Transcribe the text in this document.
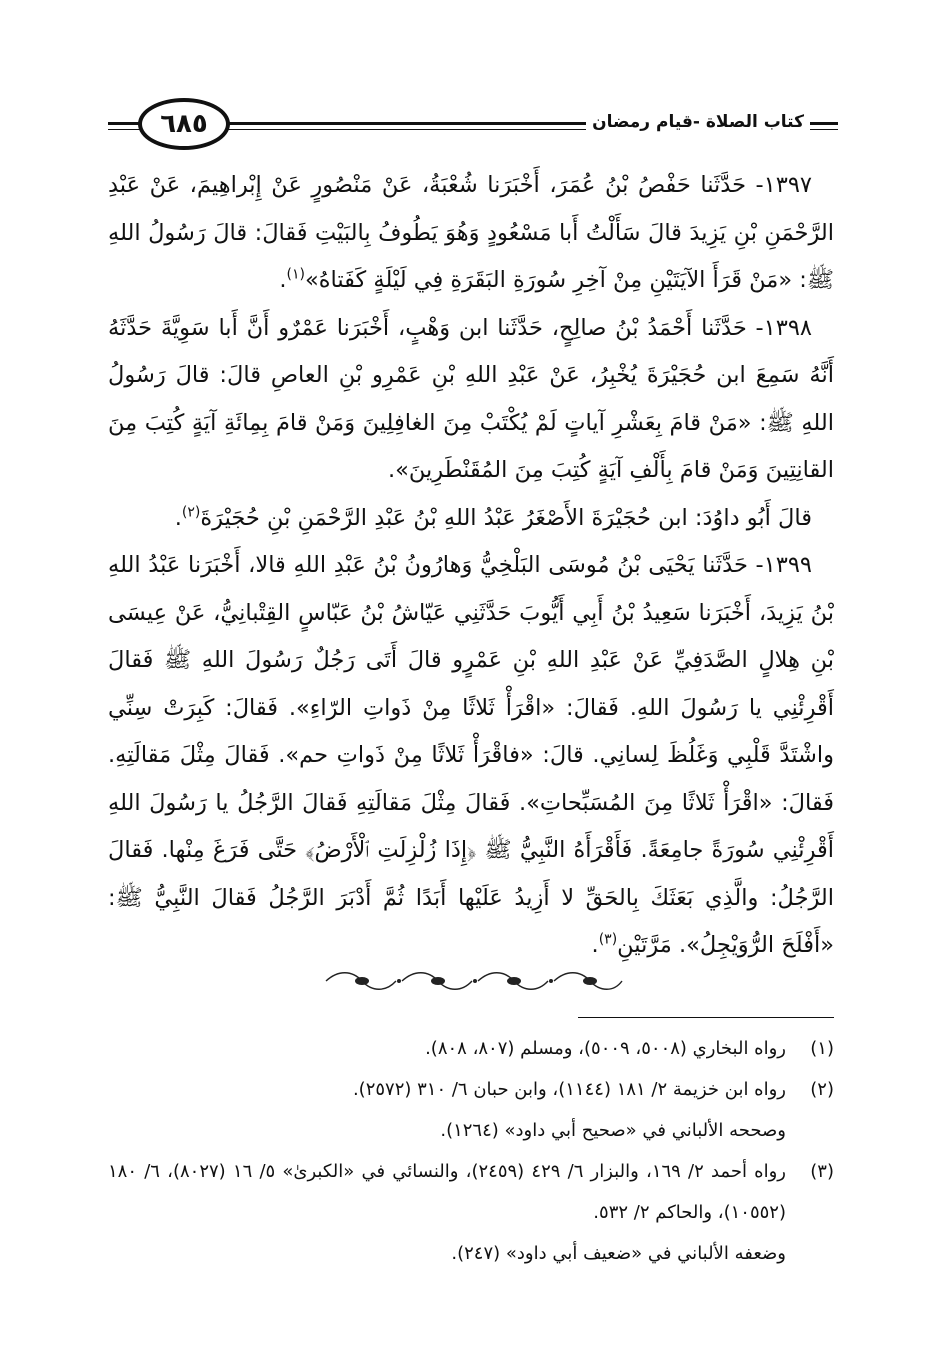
٦٨٥	كتاب الصلاة -قيام رمضان

١٣٩٧- حَدَّثَنا حَفْصُ بْنُ عُمَرَ، أَخْبَرَنا شُعْبَةُ، عَنْ مَنْصُورٍ عَنْ إِبْراهِيمَ، عَنْ عَبْدِ الرَّحْمَنِ بْنِ يَزِيدَ قالَ سَأَلْتُ أَبا مَسْعُودٍ وَهُوَ يَطُوفُ بِالبَيْتِ فَقالَ: قالَ رَسُولُ اللهِ ﷺ: «مَنْ قَرَأَ الآيَتَيْنِ مِنْ آخِرِ سُورَةِ البَقَرَةِ فِي لَيْلَةٍ كَفَتاهُ»$^{(١)}$.

١٣٩٨- حَدَّثَنا أَحْمَدُ بْنُ صالِحٍ، حَدَّثَنا ابن وَهْبٍ، أَخْبَرَنا عَمْرٌو أَنَّ أَبا سَوِيَّةَ حَدَّثَهُ أَنَّهُ سَمِعَ ابن حُجَيْرَةَ يُخْبِرُ، عَنْ عَبْدِ اللهِ بْنِ عَمْرِو بْنِ العاصِ قالَ: قالَ رَسُولُ اللهِ ﷺ: «مَنْ قامَ بِعَشْرِ آياتٍ لَمْ يُكْتَبْ مِنَ الغافِلِينَ وَمَنْ قامَ بِمِائَةِ آيَةٍ كُتِبَ مِنَ القانِتِينَ وَمَنْ قامَ بِأَلْفِ آيَةٍ كُتِبَ مِنَ المُقَنْطَرِينَ».

قالَ أَبُو داوُدَ: ابن حُجَيْرَةَ الأَصْغَرُ عَبْدُ اللهِ بْنُ عَبْدِ الرَّحْمَنِ بْنِ حُجَيْرَةَ$^{(٢)}$.

١٣٩٩- حَدَّثَنا يَحْيَى بْنُ مُوسَى البَلْخِيُّ وَهارُونُ بْنُ عَبْدِ اللهِ قالا، أَخْبَرَنا عَبْدُ اللهِ بْنُ يَزِيدَ، أَخْبَرَنا سَعِيدُ بْنُ أَبِي أَيُّوبَ حَدَّثَنِي عَيّاشُ بْنُ عَبّاسٍ القِتْبانِيُّ، عَنْ عِيسَى بْنِ هِلالٍ الصَّدَفِيِّ عَنْ عَبْدِ اللهِ بْنِ عَمْرٍو قالَ أَتَى رَجُلٌ رَسُولَ اللهِ ﷺ فَقالَ أَقْرِئْنِي يا رَسُولَ اللهِ. فَقالَ: «اقْرَأْ ثَلاثًا مِنْ ذَواتِ الرّاءِ». فَقالَ: كَبِرَتْ سِنِّي واشْتَدَّ قَلْبِي وَغَلُظَ لِسانِي. قالَ: «فاقْرَأْ ثَلاثًا مِنْ ذَواتِ حم». فَقالَ مِثْلَ مَقالَتِهِ. فَقالَ: «اقْرَأْ ثَلاثًا مِنَ المُسَبِّحاتِ». فَقالَ مِثْلَ مَقالَتِهِ فَقالَ الرَّجُلُ يا رَسُولَ اللهِ أَقْرِئْنِي سُورَةً جامِعَةً. فَأَقْرَأَهُ النَّبِيُّ ﷺ ﴿إِذَا زُلْزِلَتِ ٱلْأَرْضُ﴾ حَتَّى فَرَغَ مِنْها. فَقالَ الرَّجُلُ: والَّذِي بَعَثَكَ بِالحَقِّ لا أَزِيدُ عَلَيْها أَبَدًا ثُمَّ أَدْبَرَ الرَّجُلُ فَقالَ النَّبِيُّ ﷺ: «أَفْلَحَ الرُّوَيْجِلُ». مَرَّتَيْنِ$^{(٣)}$.

(١)
رواه البخاري (٥٠٠٨، ٥٠٠٩)، ومسلم (٨٠٧، ٨٠٨).
(٢)
رواه ابن خزيمة ٢/ ١٨١ (١١٤٤)، وابن حبان ٦/ ٣١٠ (٢٥٧٢).
وصححه الألباني في «صحيح أبي داود» (١٢٦٤).
(٣)
رواه أحمد ٢/ ١٦٩، والبزار ٦/ ٤٢٩ (٢٤٥٩)، والنسائي في «الكبرىٰ» ٥/ ١٦ (٨٠٢٧)، ٦/ ١٨٠ (١٠٥٥٢)، والحاكم ٢/ ٥٣٢.
وضعفه الألباني في «ضعيف أبي داود» (٢٤٧).
